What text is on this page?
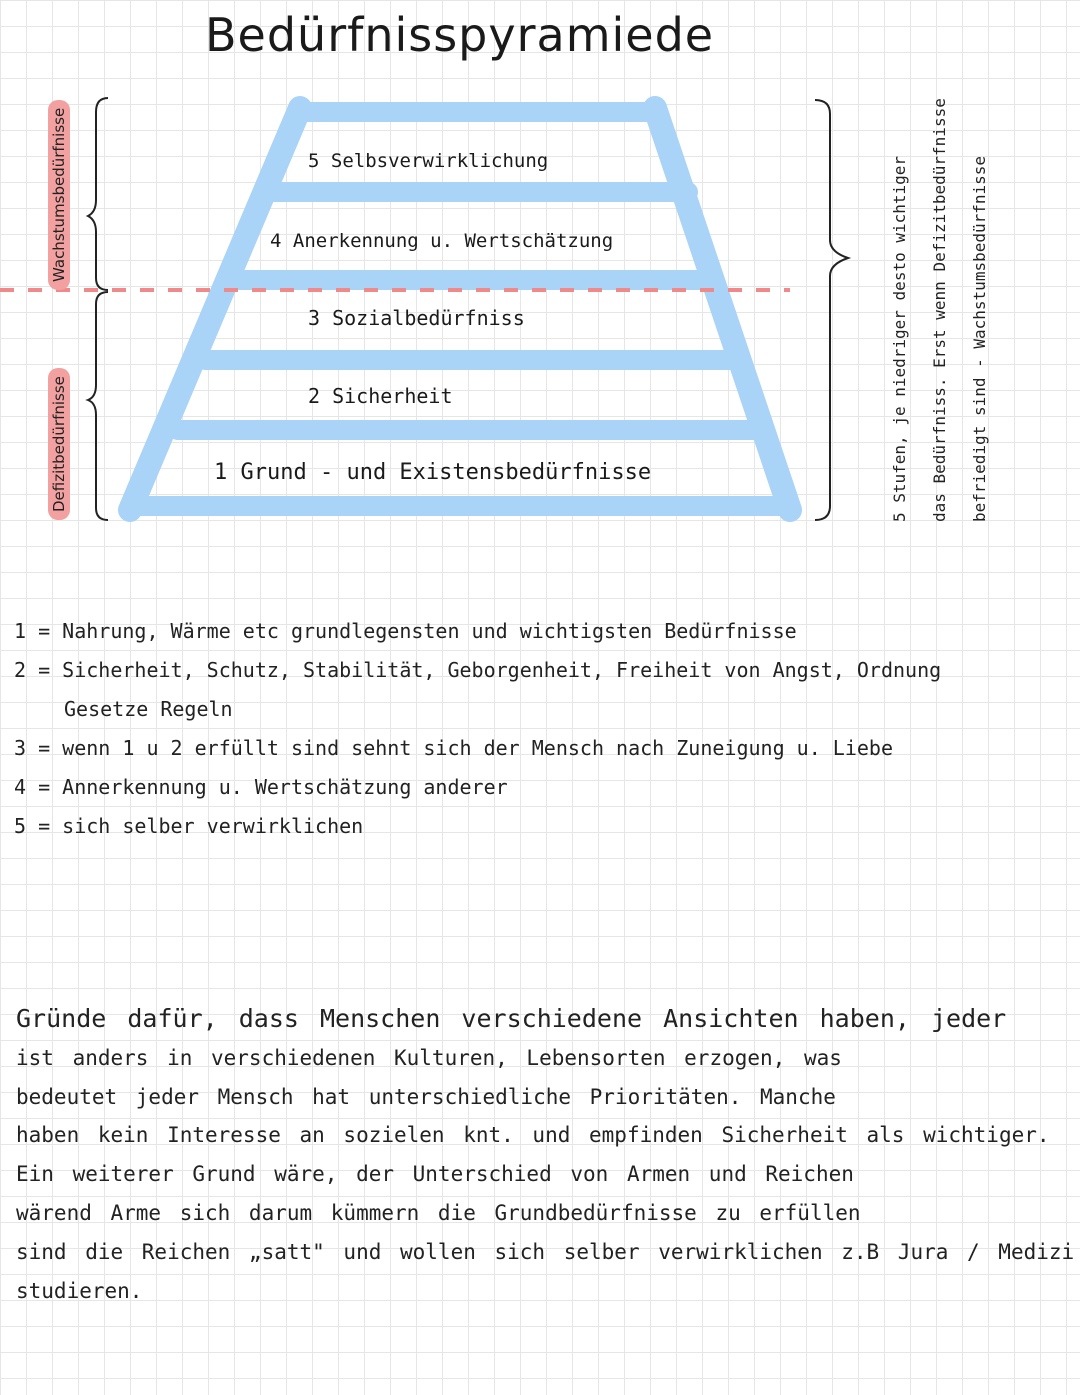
Bedürfnisspyramiede
5 Selbsverwirklichung
4 Anerkennung u. Wertschätzung
3 Sozialbedürfniss
2 Sicherheit
1 Grund - und Existensbedürfnisse
Wachstumsbedürfnisse
Defizitbedürfnisse	5 Stufen, je niedriger desto wichtiger das Bedürfniss. Erst wenn Defizitbedürfnisse befriedigt sind - Wachstumsbedürfnisse
1 = Nahrung, Wärme etc grundlegensten und wichtigsten Bedürfnisse
2 = Sicherheit, Schutz, Stabilität, Geborgenheit, Freiheit von Angst, Ordnung
Gesetze Regeln
3 = wenn 1 u 2 erfüllt sind sehnt sich der Mensch nach Zuneigung u. Liebe
4 = Annerkennung u. Wertschätzung anderer
5 = sich selber verwirklichen
Gründe dafür, dass Menschen verschiedene Ansichten haben, jeder
ist anders in verschiedenen Kulturen, Lebensorten erzogen, was
bedeutet jeder Mensch hat unterschiedliche Prioritäten. Manche
haben kein Interesse an sozielen knt. und empfinden Sicherheit als wichtiger.
Ein weiterer Grund wäre, der Unterschied von Armen und Reichen
wärend Arme sich darum kümmern die Grundbedürfnisse zu erfüllen
sind die Reichen „satt" und wollen sich selber verwirklichen z.B Jura / Medizi
studieren.
